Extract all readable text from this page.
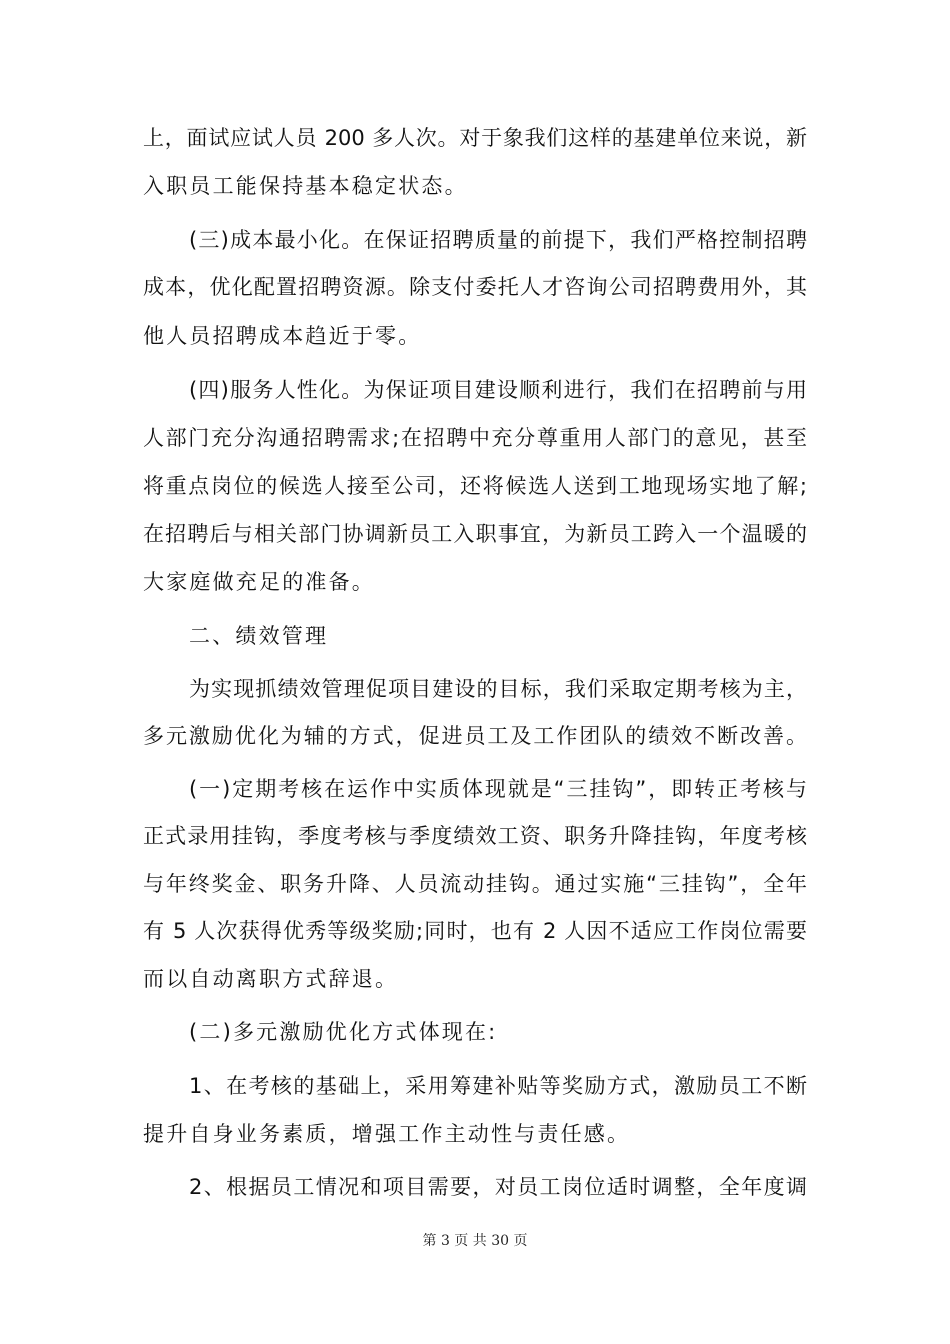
上，面试应试人员 200 多人次。对于象我们这样的基建单位来说，新
入职员工能保持基本稳定状态。
(三)成本最小化。在保证招聘质量的前提下，我们严格控制招聘
成本，优化配置招聘资源。除支付委托人才咨询公司招聘费用外，其
他人员招聘成本趋近于零。
(四)服务人性化。为保证项目建设顺利进行，我们在招聘前与用
人部门充分沟通招聘需求;在招聘中充分尊重用人部门的意见，甚至
将重点岗位的候选人接至公司，还将候选人送到工地现场实地了解;
在招聘后与相关部门协调新员工入职事宜，为新员工跨入一个温暖的
大家庭做充足的准备。
二、绩效管理
为实现抓绩效管理促项目建设的目标，我们采取定期考核为主，
多元激励优化为辅的方式，促进员工及工作团队的绩效不断改善。
(一)定期考核在运作中实质体现就是“三挂钩”，即转正考核与
正式录用挂钩，季度考核与季度绩效工资、职务升降挂钩，年度考核
与年终奖金、职务升降、人员流动挂钩。通过实施“三挂钩”，全年
有 5 人次获得优秀等级奖励;同时，也有 2 人因不适应工作岗位需要
而以自动离职方式辞退。
(二)多元激励优化方式体现在:
1、在考核的基础上，采用筹建补贴等奖励方式，激励员工不断
提升自身业务素质，增强工作主动性与责任感。
2、根据员工情况和项目需要，对员工岗位适时调整，全年度调
第 3 页 共 30 页
